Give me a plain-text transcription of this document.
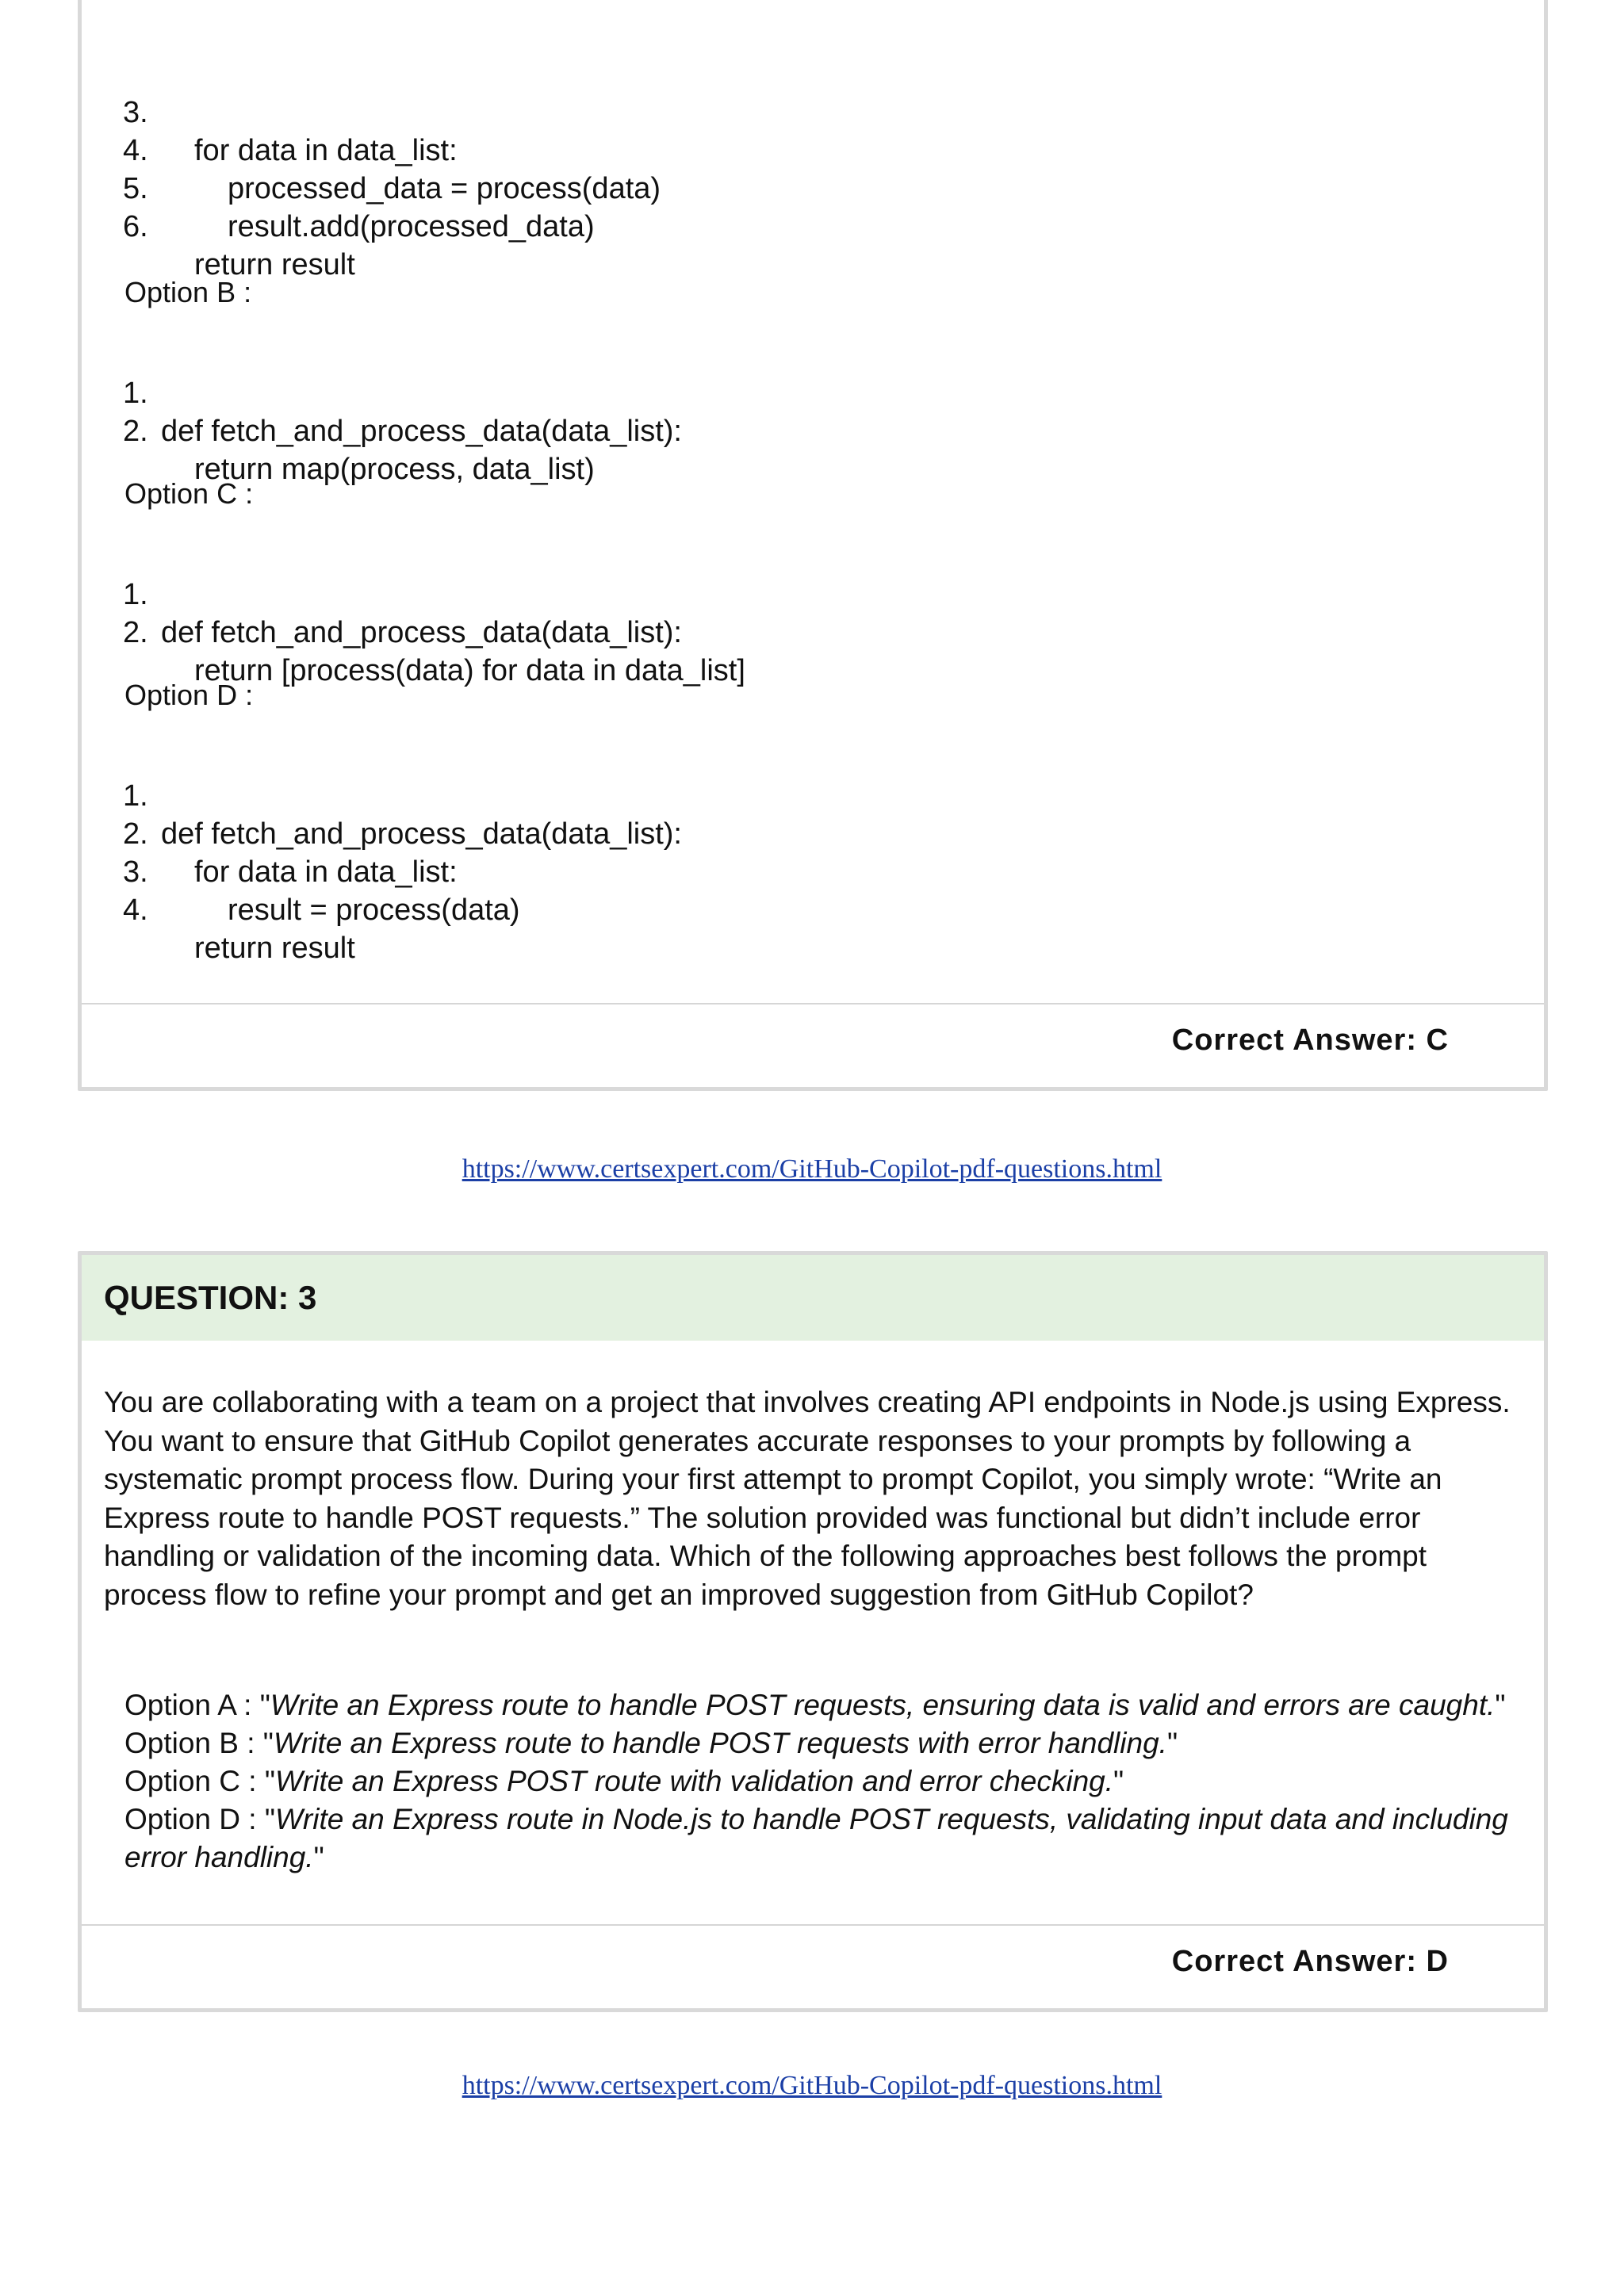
3.

for data in data_list:

4.

processed_data = process(data)

5.

result.add(processed_data)

6.

return result

Option B :

1.

def fetch_and_process_data(data_list):

2.

return map(process, data_list)

Option C :

1.

def fetch_and_process_data(data_list):

2.

return [process(data) for data in data_list]

Option D :

1.

def fetch_and_process_data(data_list):

2.

for data in data_list:

3.

result = process(data)

4.

return result

Correct Answer: C
https://www.certsexpert.com/GitHub-Copilot-pdf-questions.html
QUESTION: 3
You are collaborating with a team on a project that involves creating API endpoints in Node.js using Express. You want to ensure that GitHub Copilot generates accurate responses to your prompts by following a systematic prompt process flow. During your first attempt to prompt Copilot, you simply wrote: “Write an Express route to handle POST requests.” The solution provided was functional but didn’t include error handling or validation of the incoming data. Which of the following approaches best follows the prompt process flow to refine your prompt and get an improved suggestion from GitHub Copilot?
Option A : "Write an Express route to handle POST requests, ensuring data is valid and errors are caught."
Option B : "Write an Express route to handle POST requests with error handling."
Option C : "Write an Express POST route with validation and error checking."
Option D : "Write an Express route in Node.js to handle POST requests, validating input data and including error handling."
Correct Answer: D
https://www.certsexpert.com/GitHub-Copilot-pdf-questions.html
